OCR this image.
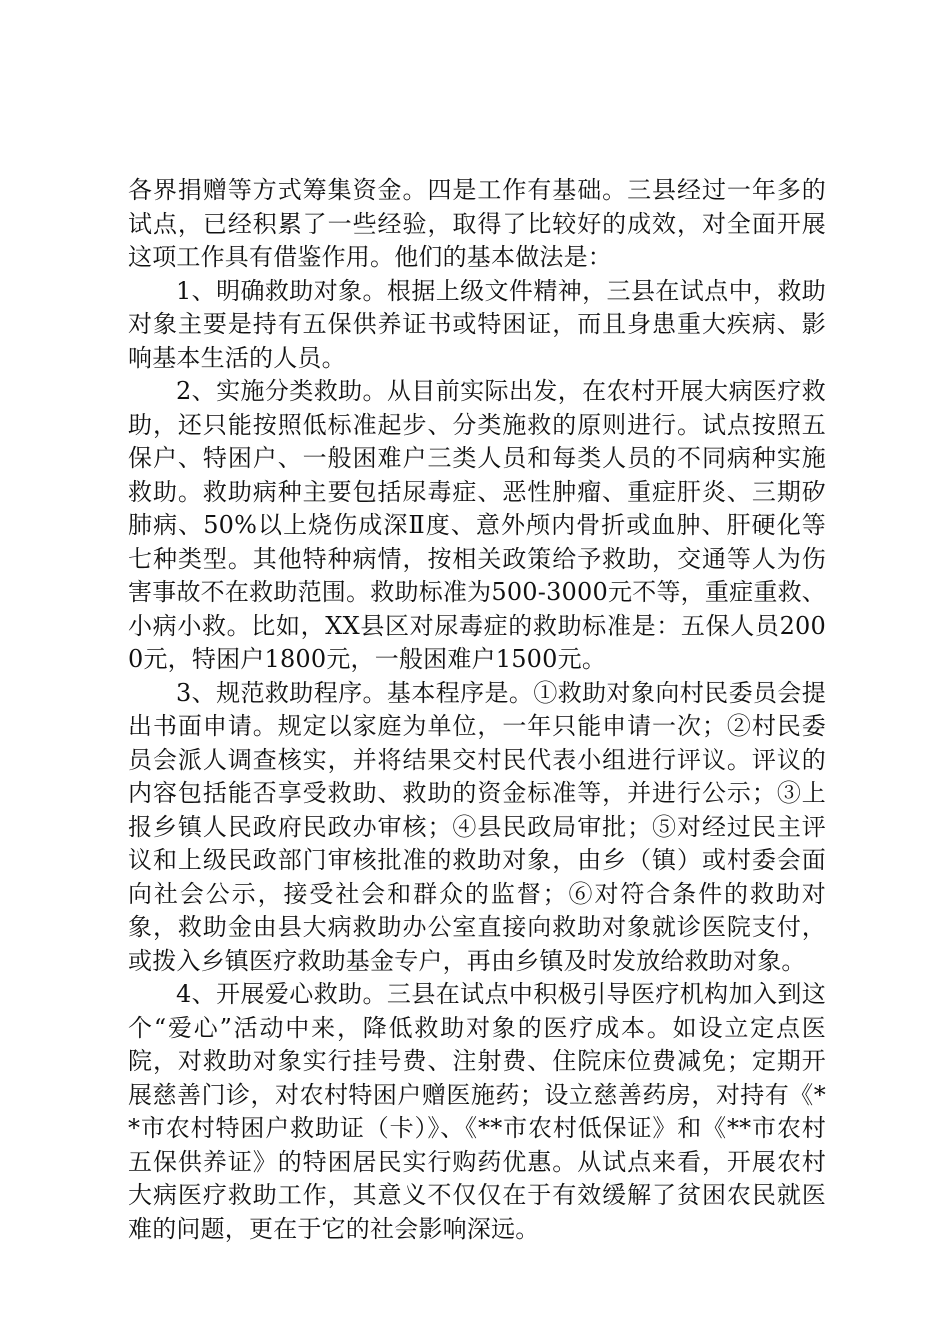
各界捐赠等方式筹集资金。四是工作有基础。三县经过一年多的试点，已经积累了一些经验，取得了比较好的成效，对全面开展这项工作具有借鉴作用。他们的基本做法是：

1、明确救助对象。根据上级文件精神，三县在试点中，救助对象主要是持有五保供养证书或特困证，而且身患重大疾病、影响基本生活的人员。

2、实施分类救助。从目前实际出发，在农村开展大病医疗救助，还只能按照低标准起步、分类施救的原则进行。试点按照五保户、特困户、一般困难户三类人员和每类人员的不同病种实施救助。救助病种主要包括尿毒症、恶性肿瘤、重症肝炎、三期矽肺病、50%以上烧伤成深Ⅱ度、意外颅内骨折或血肿、肝硬化等七种类型。其他特种病情，按相关政策给予救助，交通等人为伤害事故不在救助范围。救助标准为500-3000元不等，重症重救、小病小救。比如，XX县区对尿毒症的救助标准是：五保人员2000元，特困户1800元，一般困难户1500元。

3、规范救助程序。基本程序是。①救助对象向村民委员会提出书面申请。规定以家庭为单位，一年只能申请一次；②村民委员会派人调查核实，并将结果交村民代表小组进行评议。评议的内容包括能否享受救助、救助的资金标准等，并进行公示；③上报乡镇人民政府民政办审核；④县民政局审批；⑤对经过民主评议和上级民政部门审核批准的救助对象，由乡（镇）或村委会面向社会公示，接受社会和群众的监督；⑥对符合条件的救助对象，救助金由县大病救助办公室直接向救助对象就诊医院支付，或拨入乡镇医疗救助基金专户，再由乡镇及时发放给救助对象。

4、开展爱心救助。三县在试点中积极引导医疗机构加入到这个“爱心”活动中来，降低救助对象的医疗成本。如设立定点医院，对救助对象实行挂号费、注射费、住院床位费减免；定期开展慈善门诊，对农村特困户赠医施药；设立慈善药房，对持有《**市农村特困户救助证（卡）》、《**市农村低保证》和《**市农村五保供养证》的特困居民实行购药优惠。从试点来看，开展农村大病医疗救助工作，其意义不仅仅在于有效缓解了贫困农民就医难的问题，更在于它的社会影响深远。
